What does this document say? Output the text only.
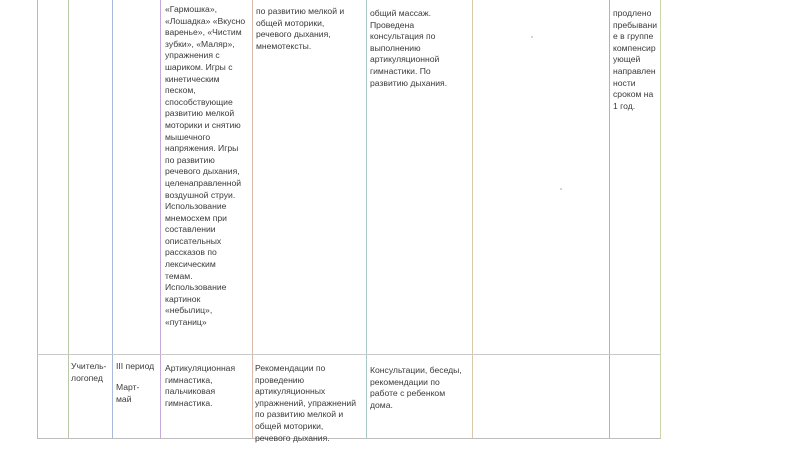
«Гармошка»,
«Лошадка» «Вкусно
варенье», «Чистим
зубки», «Маляр»,
упражнения с
шариком. Игры с
кинетическим
песком,
способствующие
развитию мелкой
моторики и снятию
мышечного
напряжения. Игры
по развитию
речевого дыхания,
целенаправленной
воздушной струи.
Использование
мнемосхем при
составлении
описательных
рассказов по
лексическим
темам.
Использование
картинок
«небылиц»,
«путаниц»
по развитию мелкой и
общей моторики,
речевого дыхания,
мнемотексты.
общий массаж.
Проведена
консультация по
выполнению
артикуляционной
гимнастики. По
развитию дыхания.
продлено
пребывани
е в группе
компенсир
ующей
направлен
ности
сроком на
1 год.
Учитель-
логопед
III период
Март-
май
Артикуляционная
гимнастика,
пальчиковая
гимнастика.
Рекомендации по
проведению
артикуляционных
упражнений, упражнений
по развитию мелкой и
общей моторики,
речевого дыхания.
Консультации, беседы,
рекомендации по
работе с ребенком
дома.
